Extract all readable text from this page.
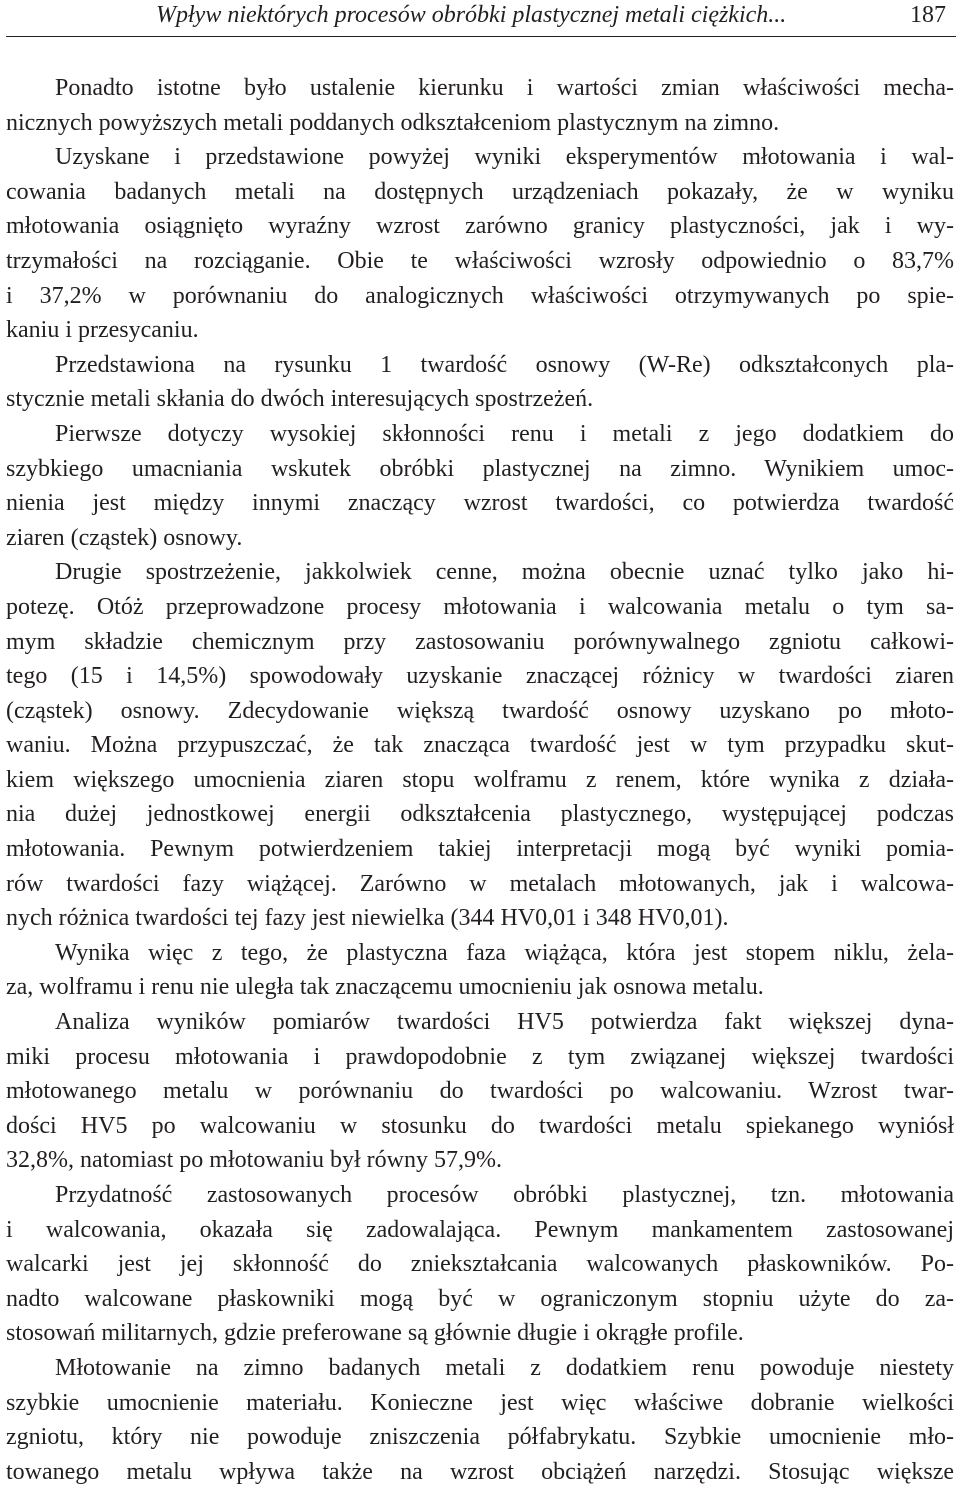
Wpływ niektórych procesów obróbki plastycznej metali ciężkich...	187
Ponadto istotne było ustalenie kierunku i wartości zmian właściwości mecha-
nicznych powyższych metali poddanych odkształceniom plastycznym na zimno.
Uzyskane i przedstawione powyżej wyniki eksperymentów młotowania i wal-
cowania badanych metali na dostępnych urządzeniach pokazały, że w wyniku
młotowania osiągnięto wyraźny wzrost zarówno granicy plastyczności, jak i wy-
trzymałości na rozciąganie. Obie te właściwości wzrosły odpowiednio o 83,7%
i 37,2% w porównaniu do analogicznych właściwości otrzymywanych po spie-
kaniu i przesycaniu.
Przedstawiona na rysunku 1 twardość osnowy (W-Re) odkształconych pla-
stycznie metali skłania do dwóch interesujących spostrzeżeń.
Pierwsze dotyczy wysokiej skłonności renu i metali z jego dodatkiem do
szybkiego umacniania wskutek obróbki plastycznej na zimno. Wynikiem umoc-
nienia jest między innymi znaczący wzrost twardości, co potwierdza twardość
ziaren (cząstek) osnowy.
Drugie spostrzeżenie, jakkolwiek cenne, można obecnie uznać tylko jako hi-
potezę. Otóż przeprowadzone procesy młotowania i walcowania metalu o tym sa-
mym składzie chemicznym przy zastosowaniu porównywalnego zgniotu całkowi-
tego (15 i 14,5%) spowodowały uzyskanie znaczącej różnicy w twardości ziaren
(cząstek) osnowy. Zdecydowanie większą twardość osnowy uzyskano po młoto-
waniu. Można przypuszczać, że tak znacząca twardość jest w tym przypadku skut-
kiem większego umocnienia ziaren stopu wolframu z renem, które wynika z działa-
nia dużej jednostkowej energii odkształcenia plastycznego, występującej podczas
młotowania. Pewnym potwierdzeniem takiej interpretacji mogą być wyniki pomia-
rów twardości fazy wiążącej. Zarówno w metalach młotowanych, jak i walcowa-
nych różnica twardości tej fazy jest niewielka (344 HV0,01 i 348 HV0,01).
Wynika więc z tego, że plastyczna faza wiążąca, która jest stopem niklu, żela-
za, wolframu i renu nie uległa tak znaczącemu umocnieniu jak osnowa metalu.
Analiza wyników pomiarów twardości HV5 potwierdza fakt większej dyna-
miki procesu młotowania i prawdopodobnie z tym związanej większej twardości
młotowanego metalu w porównaniu do twardości po walcowaniu. Wzrost twar-
dości HV5 po walcowaniu w stosunku do twardości metalu spiekanego wyniósł
32,8%, natomiast po młotowaniu był równy 57,9%.
Przydatność zastosowanych procesów obróbki plastycznej, tzn. młotowania
i walcowania, okazała się zadowalająca. Pewnym mankamentem zastosowanej
walcarki jest jej skłonność do zniekształcania walcowanych płaskowników. Po-
nadto walcowane płaskowniki mogą być w ograniczonym stopniu użyte do za-
stosowań militarnych, gdzie preferowane są głównie długie i okrągłe profile.
Młotowanie na zimno badanych metali z dodatkiem renu powoduje niestety
szybkie umocnienie materiału. Konieczne jest więc właściwe dobranie wielkości
zgniotu, który nie powoduje zniszczenia półfabrykatu. Szybkie umocnienie mło-
towanego metalu wpływa także na wzrost obciążeń narzędzi. Stosując większe
